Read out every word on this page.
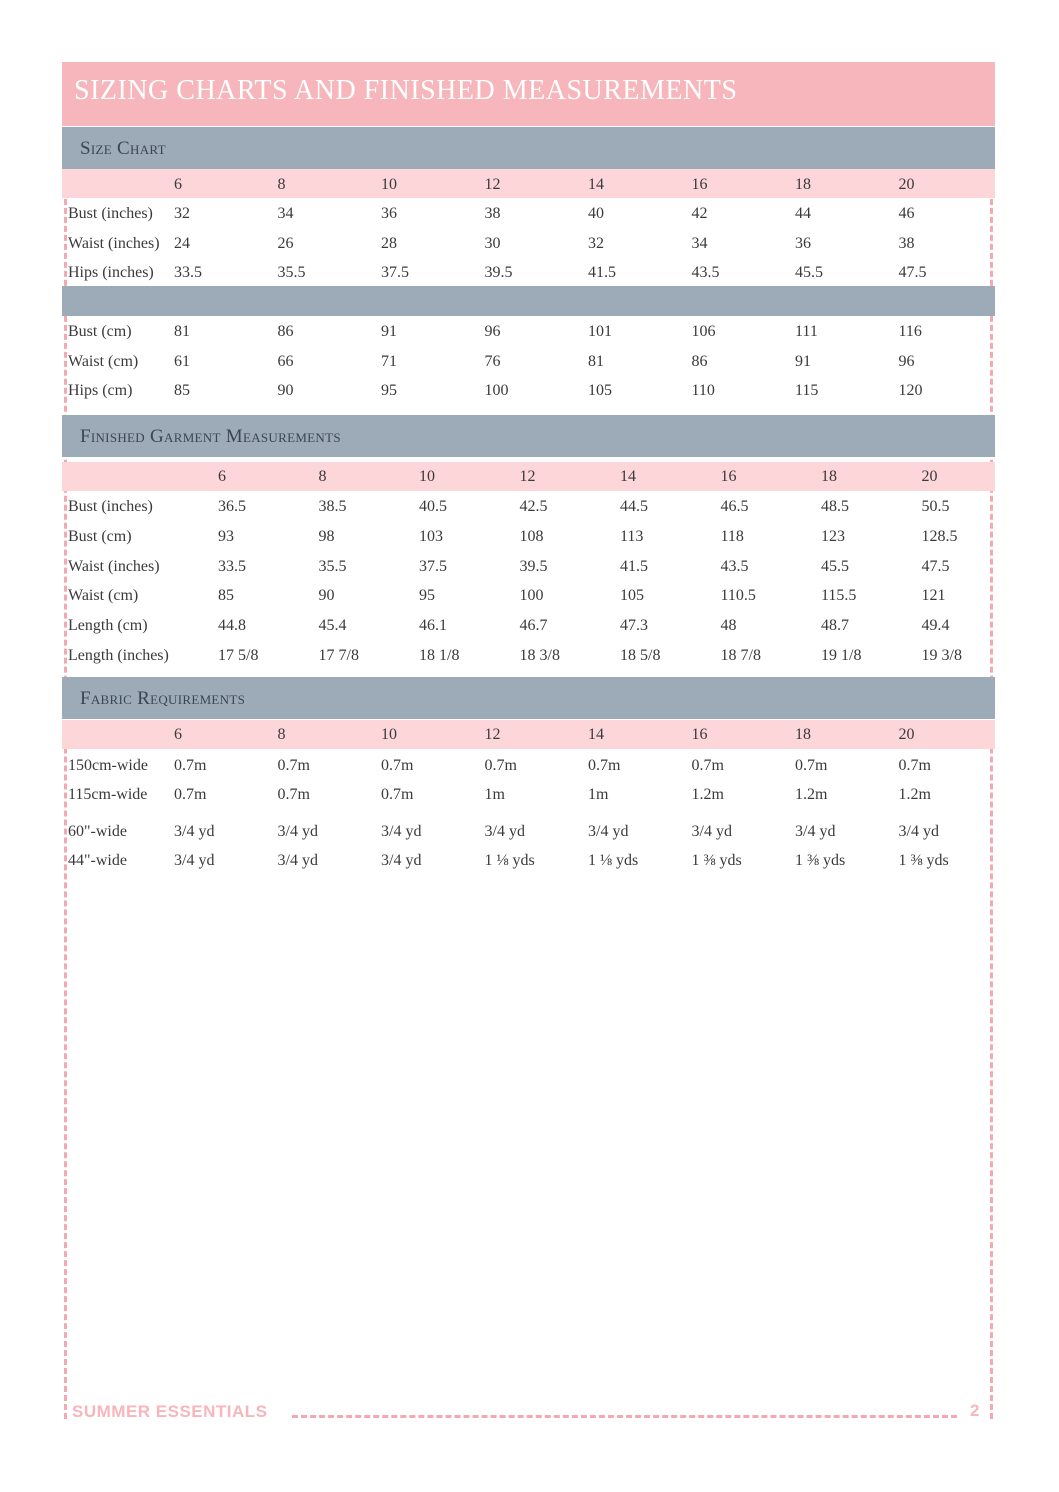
SIZING CHARTS AND FINISHED MEASUREMENTS
Size Chart
Finished Garment Measurements
Fabric Requirements
6	8	10	12	14	16	18	20
Bust (inches) 32	34	36	38	40	42	44	46
Waist (inches) 24	26	28	30	32	34	36	38
Hips (inches) 33.5	35.5	37.5	39.5	41.5	43.5	45.5	47.5
Bust (cm)	81	86	91	96	101	106	111	116
Waist (cm) 61	66	71	76	81	86	91	96
Hips (cm)	85	90	95	100	105	110	115	120
6	8	10	12	14	16	18	20
Bust (inches)	36.5	38.5	40.5	42.5	44.5	46.5	48.5	50.5
Bust (cm)	93	98	103	108	113	118	123	128.5
Waist (inches)	33.5	35.5	37.5	39.5	41.5	43.5	45.5	47.5
Waist (cm)	85	90	95	100	105	110.5	115.5	121
Length (cm)	44.8	45.4	46.1	46.7	47.3	48	48.7	49.4
Length (inches)	17 5/8	17 7/8	18 1/8	18 3/8	18 5/8	18 7/8	19 1/8	19 3/8
6	8	10	12	14	16	18	20
150cm-wide 0.7m	0.7m	0.7m	0.7m	0.7m	0.7m	0.7m	0.7m
115cm-wide 0.7m	0.7m	0.7m	1m	1m	1.2m	1.2m	1.2m
60"-wide	3/4 yd	3/4 yd	3/4 yd	3/4 yd	3/4 yd	3/4 yd	3/4 yd	3/4 yd
44"-wide	3/4 yd	3/4 yd	3/4 yd	1 ⅛ yds	1 ⅛ yds	1 ⅜ yds	1 ⅜ yds	1 ⅜ yds
SUMMER ESSENTIALS	2
